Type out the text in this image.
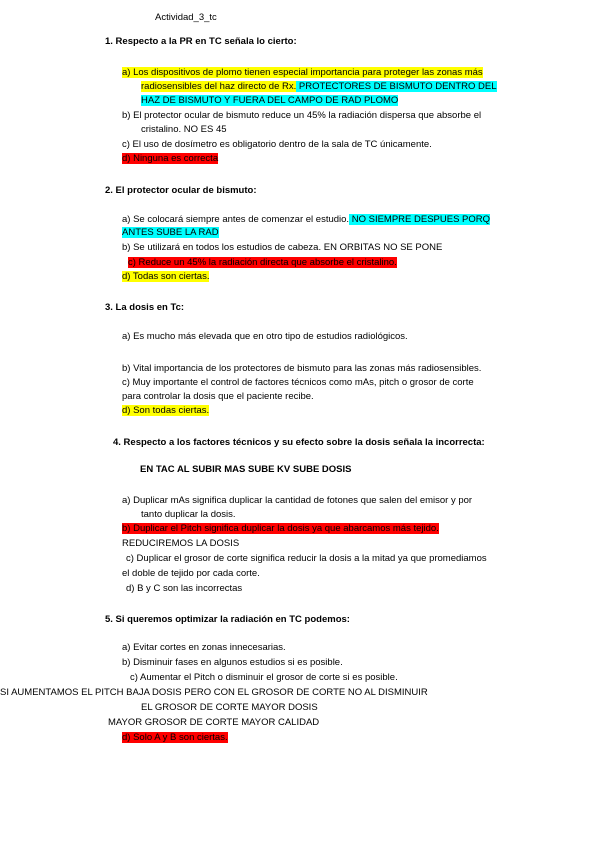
Actividad_3_tc
1. Respecto a la PR en TC señala lo cierto:
a) Los dispositivos de plomo tienen especial importancia para proteger las zonas más
radiosensibles del haz directo de Rx. PROTECTORES DE BISMUTO DENTRO DEL
HAZ DE BISMUTO Y FUERA DEL CAMPO DE RAD PLOMO
b) El protector ocular de bismuto reduce un 45% la radiación dispersa que absorbe el
cristalino. NO ES 45
c) El uso de dosímetro es obligatorio dentro de la sala de TC únicamente.
d) Ninguna es correcta
2. El protector ocular de bismuto:
a) Se colocará siempre antes de comenzar el estudio. NO SIEMPRE DESPUES PORQ
ANTES SUBE LA RAD
b) Se utilizará en todos los estudios de cabeza. EN ORBITAS NO SE PONE
c) Reduce un 45% la radiación directa que absorbe el cristalino.
d) Todas son ciertas.
3. La dosis en Tc:
a) Es mucho más elevada que en otro tipo de estudios radiológicos.
b) Vital importancia de los protectores de bismuto para las zonas más radiosensibles.
c) Muy importante el control de factores técnicos como mAs, pitch o grosor de corte
para controlar la dosis que el paciente recibe.
d) Son todas ciertas.
4. Respecto a los factores técnicos y su efecto sobre la dosis señala la incorrecta:
EN TAC AL SUBIR MAS SUBE KV SUBE DOSIS
a) Duplicar mAs significa duplicar la cantidad de fotones que salen del emisor y por
tanto duplicar la dosis.
b) Duplicar el Pitch significa duplicar la dosis ya que abarcamos más tejido.
REDUCIREMOS LA DOSIS
c) Duplicar el grosor de corte significa reducir la dosis a la mitad ya que promediamos
el doble de tejido por cada corte.
d) B y C son las incorrectas
5. Si queremos optimizar la radiación en TC podemos:
a) Evitar cortes en zonas innecesarias.
b) Disminuir fases en algunos estudios si es posible.
c) Aumentar el Pitch o disminuir el grosor de corte si es posible.
SI AUMENTAMOS EL PITCH BAJA DOSIS PERO CON EL GROSOR DE CORTE NO AL DISMINUIR
EL GROSOR DE CORTE MAYOR DOSIS
MAYOR GROSOR DE CORTE MAYOR CALIDAD
d) Solo A y B son ciertas.
